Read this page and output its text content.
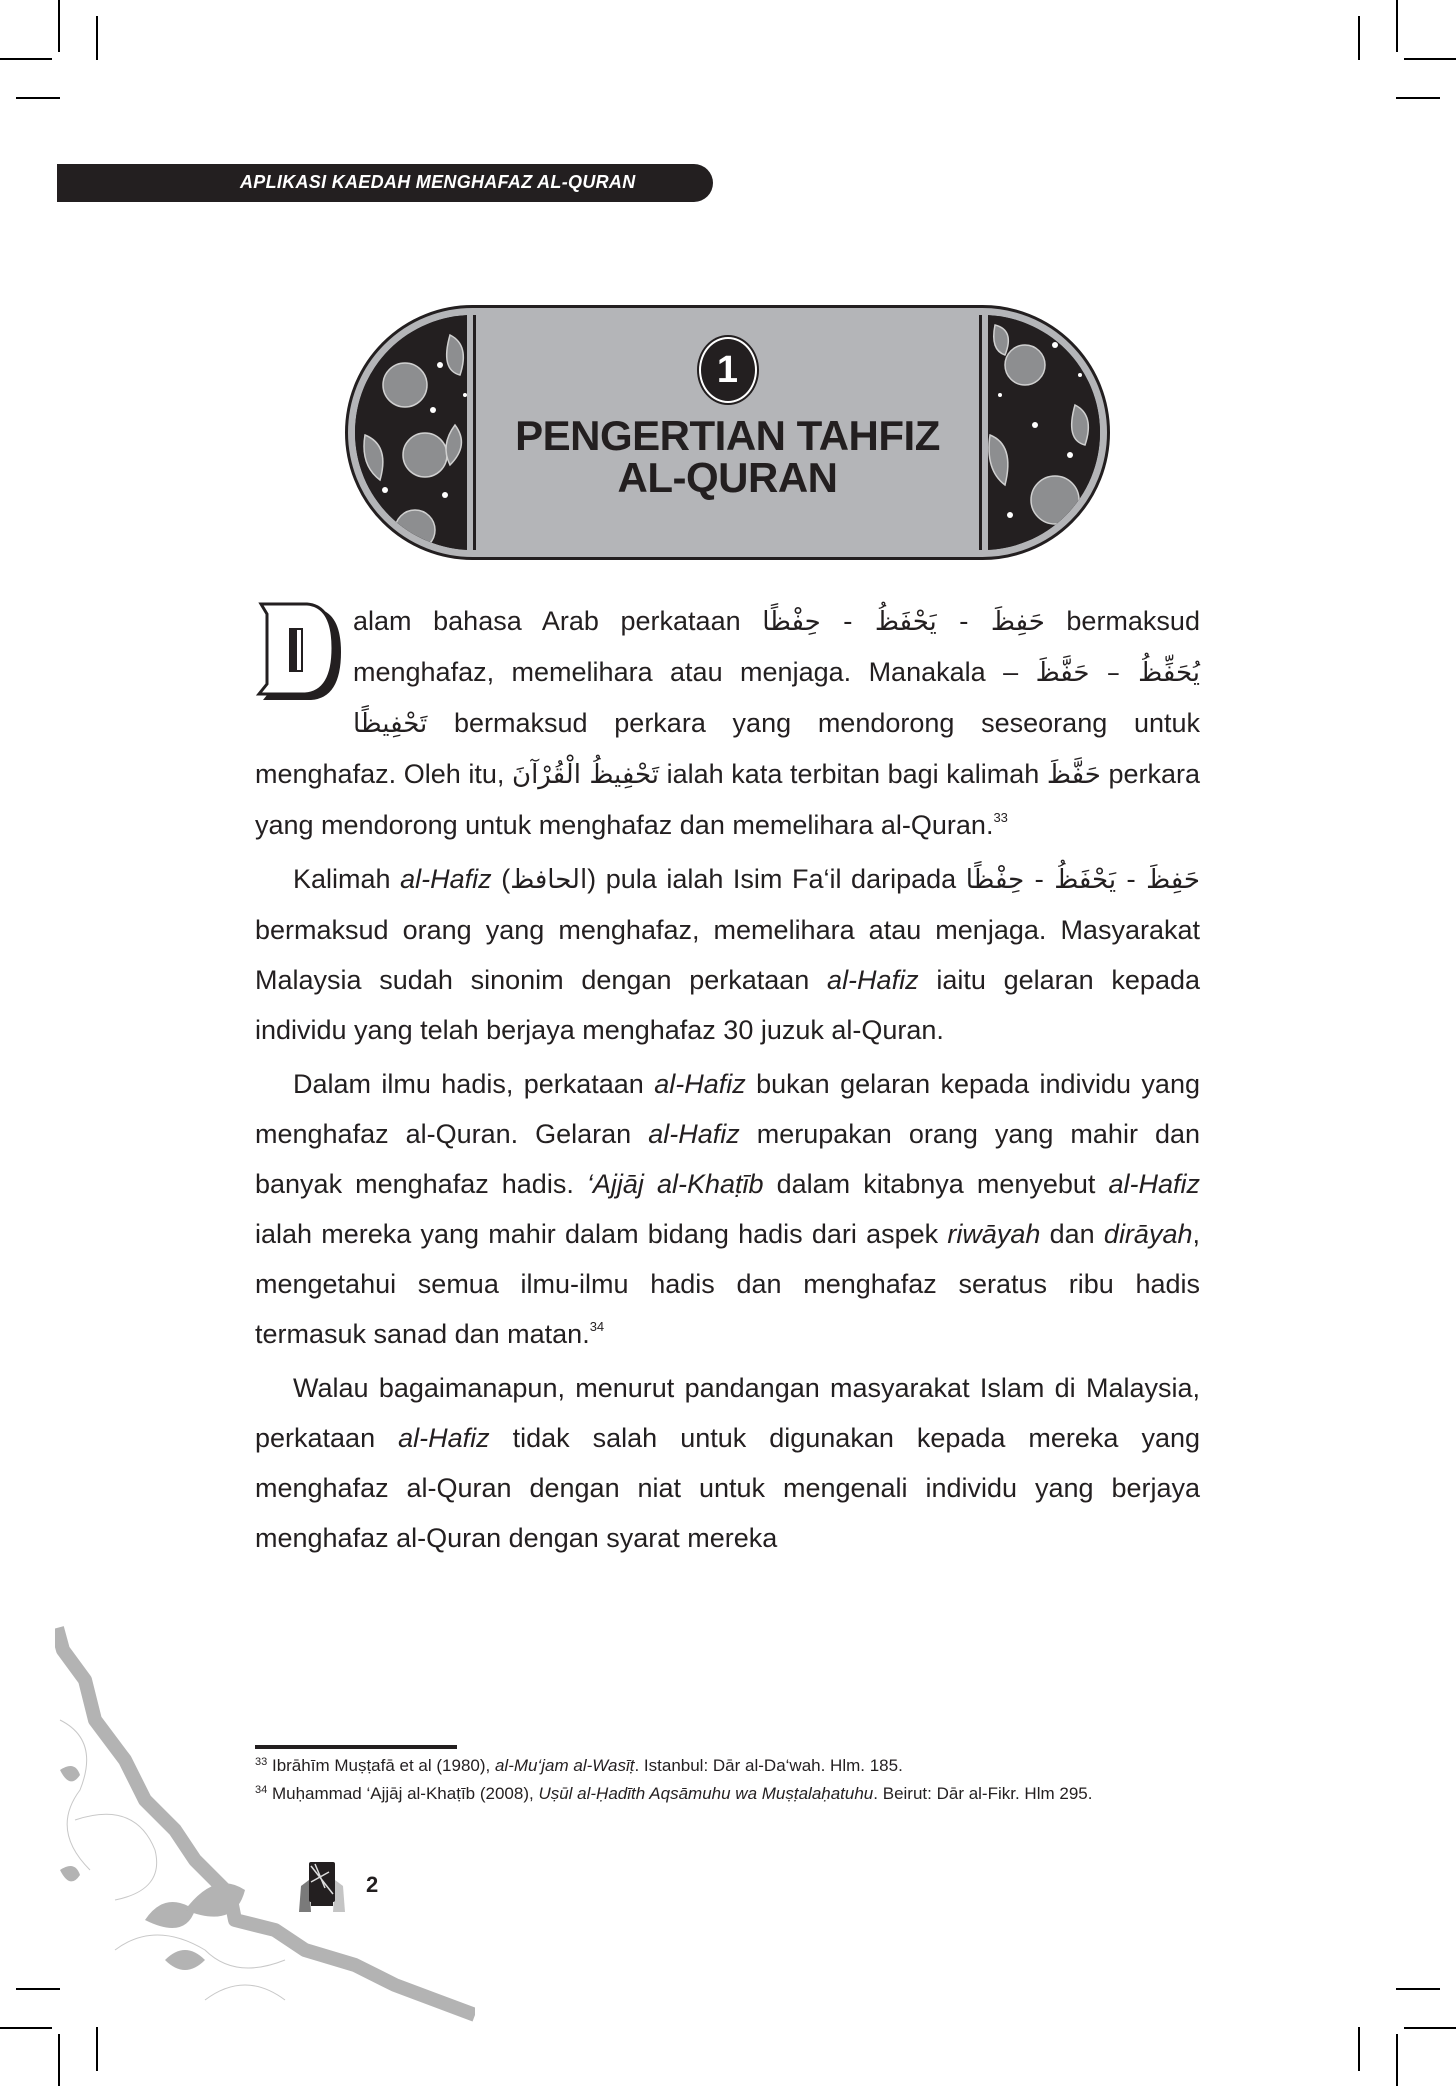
APLIKASI KAEDAH MENGHAFAZ AL-QURAN
1
PENGERTIAN TAHFIZ
AL-QURAN

alam bahasa Arab perkataan حَفِظَ - يَحْفَظُ - حِفْظًا bermaksud menghafaz, memelihara atau menjaga. Manakala – حَفَّظَ يُحَفِّظُ – تَحْفِيظًا bermaksud perkara yang mendorong seseorang untuk menghafaz. Oleh itu, تَحْفِيظُ الْقُرْآنَ ialah kata terbitan bagi kalimah حَفَّظَ perkara yang mendorong untuk menghafaz dan memelihara al-Quran.$^{33}$

Kalimah al-Hafiz (الحافظ) pula ialah Isim Fa‘il daripada حَفِظَ - يَحْفَظُ - حِفْظًا bermaksud orang yang menghafaz, memelihara atau menjaga. Masyarakat Malaysia sudah sinonim dengan perkataan al-Hafiz iaitu gelaran kepada individu yang telah berjaya menghafaz 30 juzuk al-Quran.

Dalam ilmu hadis, perkataan al-Hafiz bukan gelaran kepada individu yang menghafaz al-Quran. Gelaran al-Hafiz merupakan orang yang mahir dan banyak menghafaz hadis. ‘Ajjāj al-Khaṭīb dalam kitabnya menyebut al-Hafiz ialah mereka yang mahir dalam bidang hadis dari aspek riwāyah dan dirāyah, mengetahui semua ilmu-ilmu hadis dan menghafaz seratus ribu hadis termasuk sanad dan matan.$^{34}$

Walau bagaimanapun, menurut pandangan masyarakat Islam di Malaysia, perkataan al-Hafiz tidak salah untuk digunakan kepada mereka yang menghafaz al-Quran dengan niat untuk mengenali individu yang berjaya menghafaz al-Quran dengan syarat mereka

$^{33}$ Ibrāhīm Muṣṭafā et al (1980), al-Mu‘jam al-Wasīṭ. Istanbul: Dār al-Da‘wah. Hlm. 185.
$^{34}$ Muḥammad ‘Ajjāj al-Khaṭīb (2008), Uṣūl al-Ḥadīth Aqsāmuhu wa Muṣṭalaḥatuhu. Beirut: Dār al-Fikr. Hlm 295.
2
